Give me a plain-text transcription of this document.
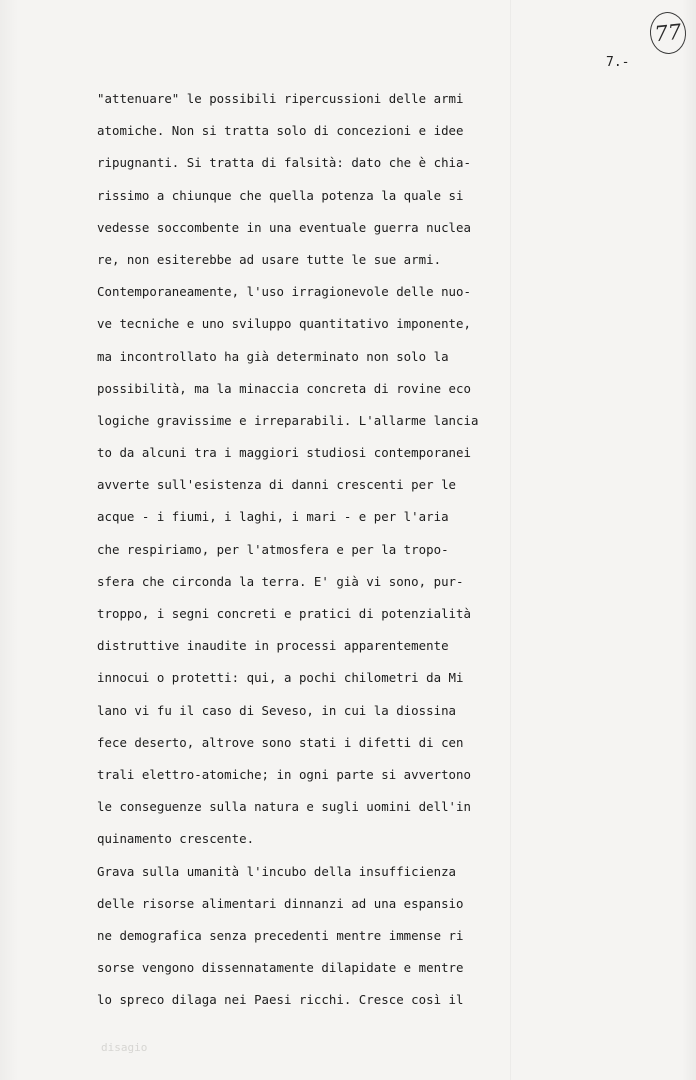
77
7.-
"attenuare" le possibili ripercussioni delle armi
atomiche. Non si tratta solo di concezioni e idee
ripugnanti. Si tratta di falsità: dato che è chia-
rissimo a chiunque che quella potenza la quale si
vedesse soccombente in una eventuale guerra nuclea
re, non esiterebbe ad usare tutte le sue armi.
Contemporaneamente, l'uso irragionevole delle nuo-
ve tecniche e uno sviluppo quantitativo imponente,
ma incontrollato ha già determinato non solo la
possibilità, ma la minaccia concreta di rovine eco
logiche gravissime e irreparabili. L'allarme lancia
to da alcuni tra i maggiori studiosi contemporanei
avverte sull'esistenza di danni crescenti per le
acque - i fiumi, i laghi, i mari - e per l'aria
che respiriamo, per l'atmosfera e per la tropo-
sfera che circonda la terra. E' già vi sono, pur-
troppo, i segni concreti e pratici di potenzialità
distruttive inaudite in processi apparentemente
innocui o protetti: qui, a pochi chilometri da Mi
lano vi fu il caso di Seveso, in cui la diossina
fece deserto, altrove sono stati i difetti di cen
trali elettro-atomiche; in ogni parte si avvertono
le conseguenze sulla natura e sugli uomini dell'in
quinamento crescente.
Grava sulla umanità l'incubo della insufficienza
delle risorse alimentari dinnanzi ad una espansio
ne demografica senza precedenti mentre immense ri
sorse vengono dissennatamente dilapidate e mentre
lo spreco dilaga nei Paesi ricchi. Cresce così il
disagio
